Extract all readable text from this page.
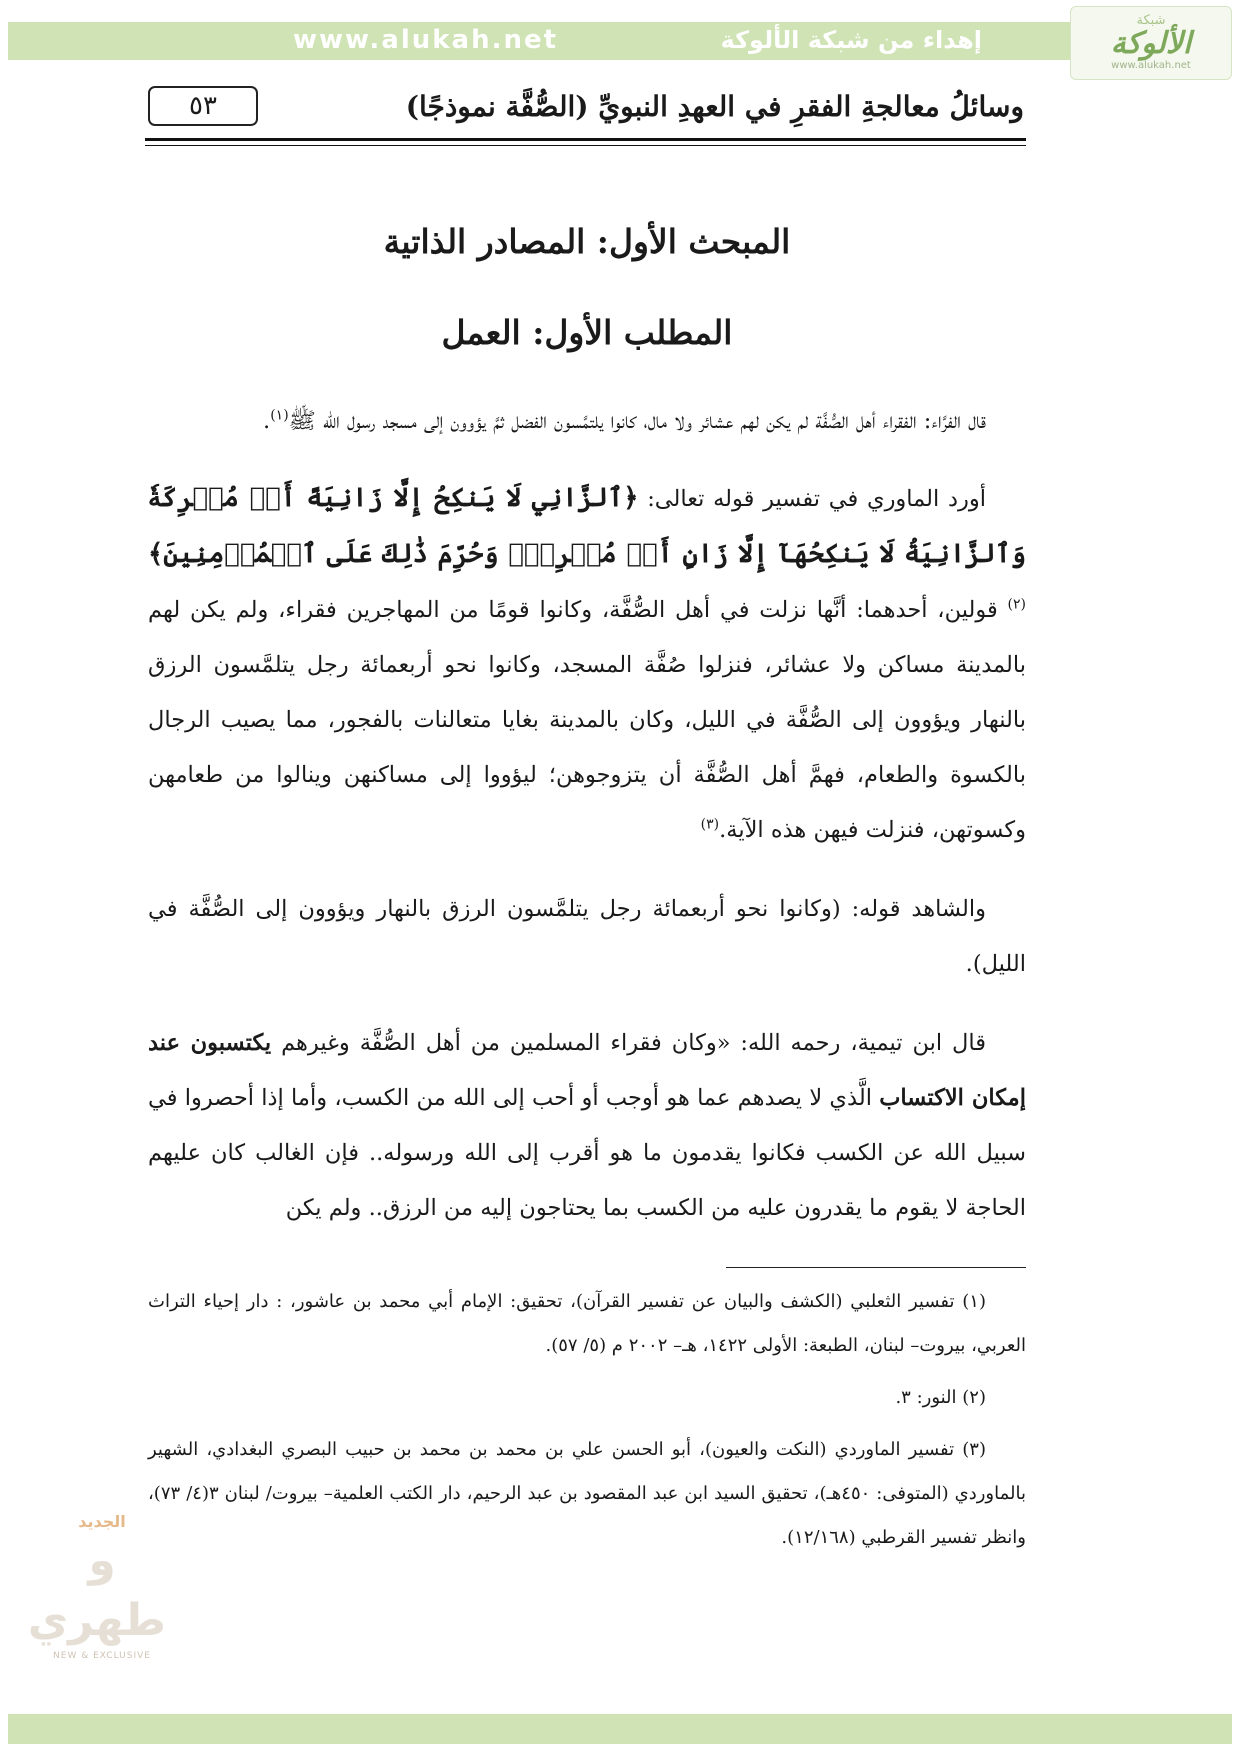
إهداء من شبكة الألوكة
www.alukah.net
شبكة
الألوكة
www.alukah.net
٥٣	وسائلُ معالجةِ الفقرِ في العهدِ النبويِّ (الصُّفَّة نموذجًا)
المبحث الأول: المصادر الذاتية
المطلب الأول: العمل

قال الفرَّاء: الفقراء أهل الصُّفَّة لم يكن لهم عشائر ولا مال، كانوا يلتمَّسون الفضل ثمَّ يؤوون إلى مسجد رسول الله ﷺ$^{(١)}$.

أورد الماوري في تفسير قوله تعالى: ﴿ٱلزَّانِي لَا يَنكِحُ إِلَّا زَانِيَةً أَوۡ مُشۡرِكَةٗ وَٱلزَّانِيَةُ لَا يَنكِحُهَآ إِلَّا زَانٍ أَوۡ مُشۡرِكٞۚ وَحُرِّمَ ذَٰلِكَ عَلَى ٱلۡمُؤۡمِنِينَ﴾$^{(٢)}$ قولين، أحدهما: أنَّها نزلت في أهل الصُّفَّة، وكانوا قومًا من المهاجرين فقراء، ولم يكن لهم بالمدينة مساكن ولا عشائر، فنزلوا صُفَّة المسجد، وكانوا نحو أربعمائة رجل يتلمَّسون الرزق بالنهار ويؤوون إلى الصُّفَّة في الليل، وكان بالمدينة بغايا متعالنات بالفجور، مما يصيب الرجال بالكسوة والطعام، فهمَّ أهل الصُّفَّة أن يتزوجوهن؛ ليؤووا إلى مساكنهن وينالوا من طعامهن وكسوتهن، فنزلت فيهن هذه الآية.$^{(٣)}$

والشاهد قوله: (وكانوا نحو أربعمائة رجل يتلمَّسون الرزق بالنهار ويؤوون إلى الصُّفَّة في الليل).

قال ابن تيمية، رحمه الله: «وكان فقراء المسلمين من أهل الصُّفَّة وغيرهم يكتسبون عند إمكان الاكتساب الَّذي لا يصدهم عما هو أوجب أو أحب إلى الله من الكسب، وأما إذا أحصروا في سبيل الله عن الكسب فكانوا يقدمون ما هو أقرب إلى الله ورسوله.. فإن الغالب كان عليهم الحاجة لا يقوم ما يقدرون عليه من الكسب بما يحتاجون إليه من الرزق.. ولم يكن

(١) تفسير الثعلبي (الكشف والبيان عن تفسير القرآن)، تحقيق: الإمام أبي محمد بن عاشور، : دار إحياء التراث العربي، بيروت– لبنان، الطبعة: الأولى ١٤٢٢، هـ– ٢٠٠٢ م (٥/ ٥٧).

(٢) النور: ٣.

(٣) تفسير الماوردي (النكت والعيون)، أبو الحسن علي بن محمد بن محمد بن حبيب البصري البغدادي، الشهير بالماوردي (المتوفى: ٤٥٠هـ)، تحقيق السيد ابن عبد المقصود بن عبد الرحيم، دار الكتب العلمية– بيروت/ لبنان ٣(٤/ ٧٣)، وانظر تفسير القرطبي (١٢/١٦٨).

الجديد
و طهري
NEW & EXCLUSIVE
